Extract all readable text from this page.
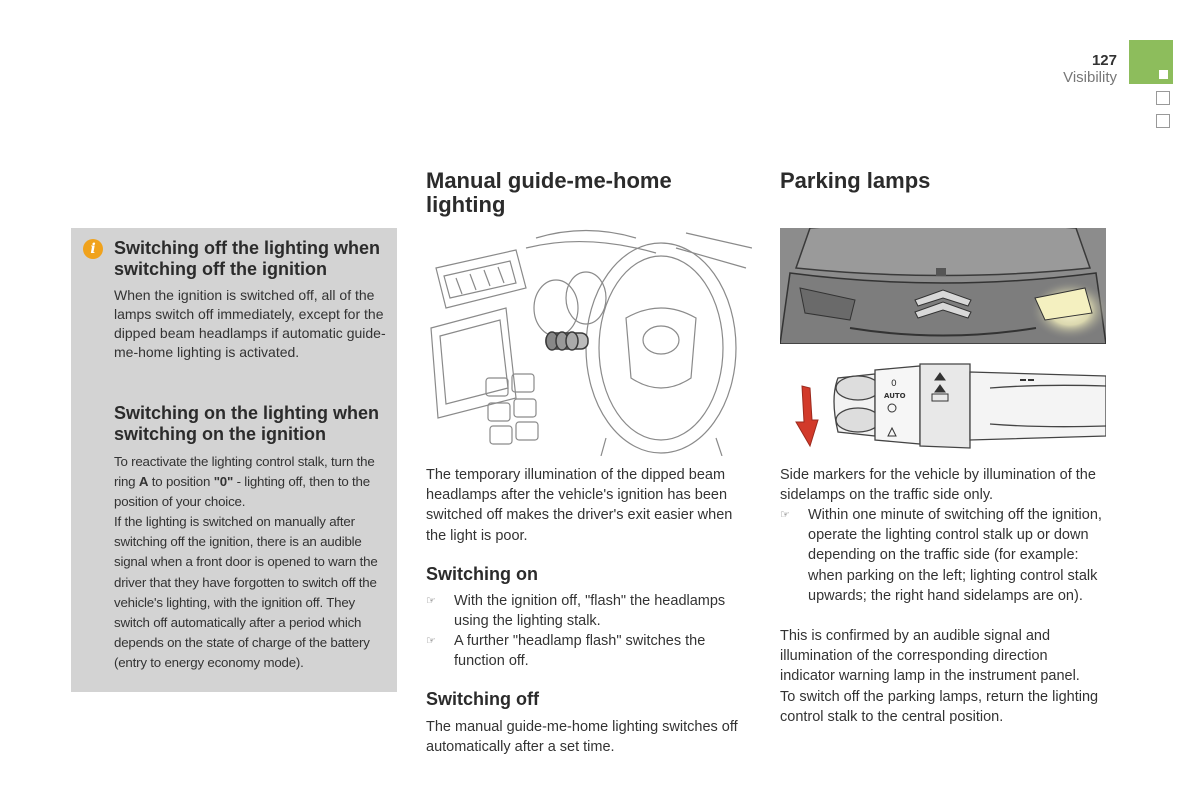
127
Visibility
i	Switching off the lighting when switching off the ignition

When the ignition is switched off, all of the lamps switch off immediately, except for the dipped beam headlamps if automatic guide-me-home lighting is activated.

Switching on the lighting when switching on the ignition

To reactivate the lighting control stalk, turn the ring A to position "0" - lighting off, then to the position of your choice.

If the lighting is switched on manually after switching off the ignition, there is an audible signal when a front door is opened to warn the driver that they have forgotten to switch off the vehicle's lighting, with the ignition off. They switch off automatically after a period which depends on the state of charge of the battery (entry to energy economy mode).

Manual guide-me-home lighting

The temporary illumination of the dipped beam headlamps after the vehicle's ignition has been switched off makes the driver's exit easier when the light is poor.

Switching on
☞ With the ignition off, "flash" the headlamps using the lighting stalk.
☞ A further "headlamp flash" switches the function off.
Switching off

The manual guide-me-home lighting switches off automatically after a set time.

Parking lamps
0
AUTO

Side markers for the vehicle by illumination of the sidelamps on the traffic side only.

☞ Within one minute of switching off the ignition, operate the lighting control stalk up or down depending on the traffic side (for example: when parking on the left; lighting control stalk upwards; the right hand sidelamps are on).

This is confirmed by an audible signal and illumination of the corresponding direction indicator warning lamp in the instrument panel.

To switch off the parking lamps, return the lighting control stalk to the central position.
